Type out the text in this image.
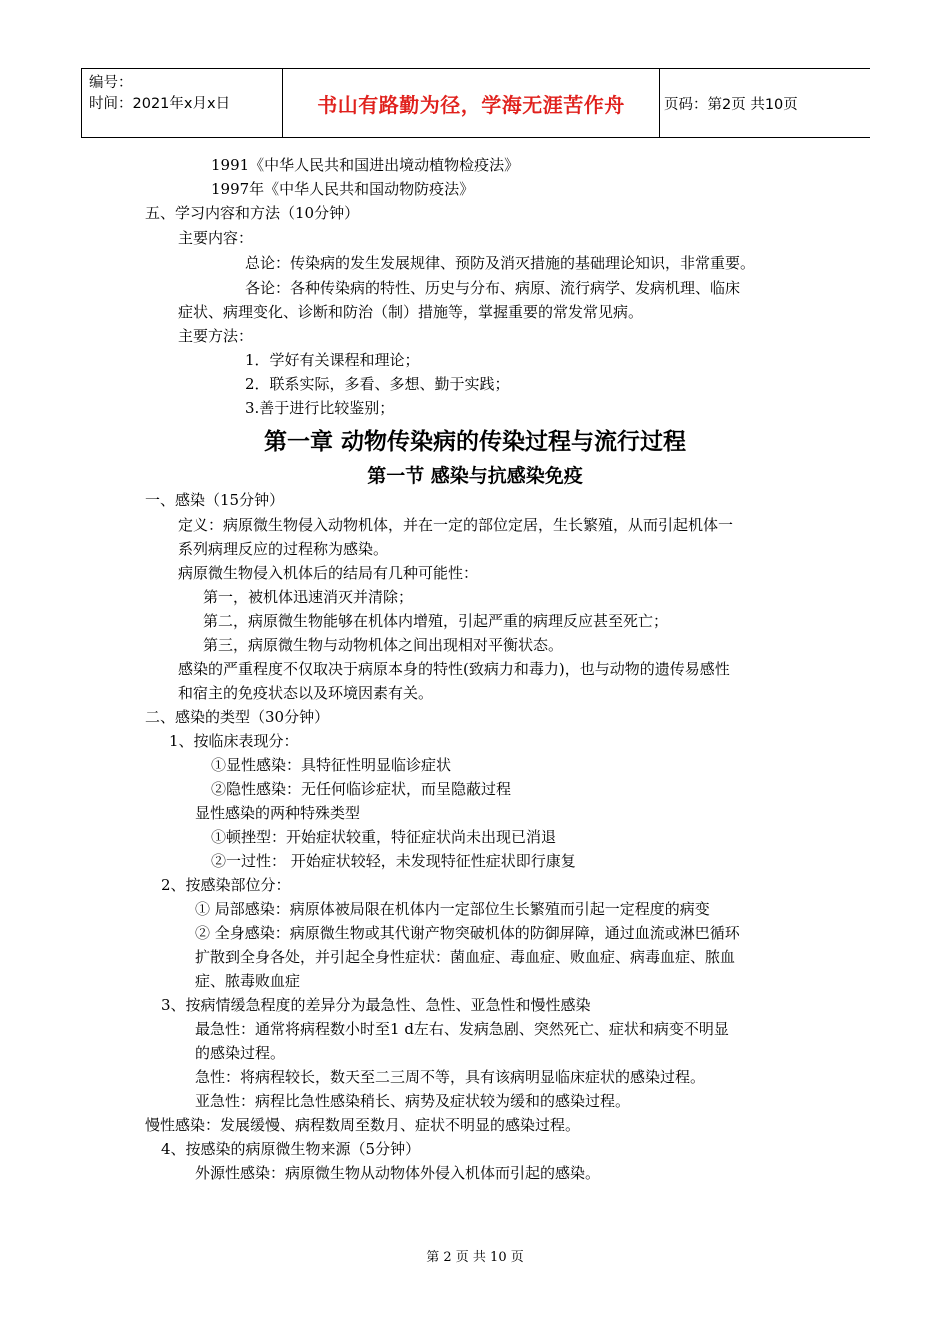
编号：
时间：2021年x月x日	书山有路勤为径，学海无涯苦作舟	页码：第2页 共10页
1991《中华人民共和国进出境动植物检疫法》
1997年《中华人民共和国动物防疫法》
五、学习内容和方法（10分钟）
主要内容：
总论：传染病的发生发展规律、预防及消灭措施的基础理论知识，非常重要。
各论：各种传染病的特性、历史与分布、病原、流行病学、发病机理、临床
症状、病理变化、诊断和防治（制）措施等，掌握重要的常发常见病。
主要方法：
1．学好有关课程和理论；
2．联系实际，多看、多想、勤于实践；
3.善于进行比较鉴别；
第一章 动物传染病的传染过程与流行过程
第一节 感染与抗感染免疫
一、感染（15分钟）
定义：病原微生物侵入动物机体，并在一定的部位定居，生长繁殖，从而引起机体一
系列病理反应的过程称为感染。
病原微生物侵入机体后的结局有几种可能性：
第一，被机体迅速消灭并清除；
第二，病原微生物能够在机体内增殖，引起严重的病理反应甚至死亡；
第三，病原微生物与动物机体之间出现相对平衡状态。
感染的严重程度不仅取决于病原本身的特性(致病力和毒力)，也与动物的遗传易感性
和宿主的免疫状态以及环境因素有关。
二、感染的类型（30分钟）
1、按临床表现分：
①显性感染：具特征性明显临诊症状
②隐性感染：无任何临诊症状，而呈隐蔽过程
显性感染的两种特殊类型
①顿挫型：开始症状较重，特征症状尚未出现已消退
②一过性： 开始症状较轻，未发现特征性症状即行康复
2、按感染部位分：
① 局部感染：病原体被局限在机体内一定部位生长繁殖而引起一定程度的病变
② 全身感染：病原微生物或其代谢产物突破机体的防御屏障，通过血流或淋巴循环
扩散到全身各处，并引起全身性症状：菌血症、毒血症、败血症、病毒血症、脓血
症、脓毒败血症
3、按病情缓急程度的差异分为最急性、急性、亚急性和慢性感染
最急性：通常将病程数小时至1 d左右、发病急剧、突然死亡、症状和病变不明显
的感染过程。
急性：将病程较长，数天至二三周不等，具有该病明显临床症状的感染过程。
亚急性：病程比急性感染稍长、病势及症状较为缓和的感染过程。
慢性感染：发展缓慢、病程数周至数月、症状不明显的感染过程。
4、按感染的病原微生物来源（5分钟）
外源性感染：病原微生物从动物体外侵入机体而引起的感染。
第 2 页 共 10 页
